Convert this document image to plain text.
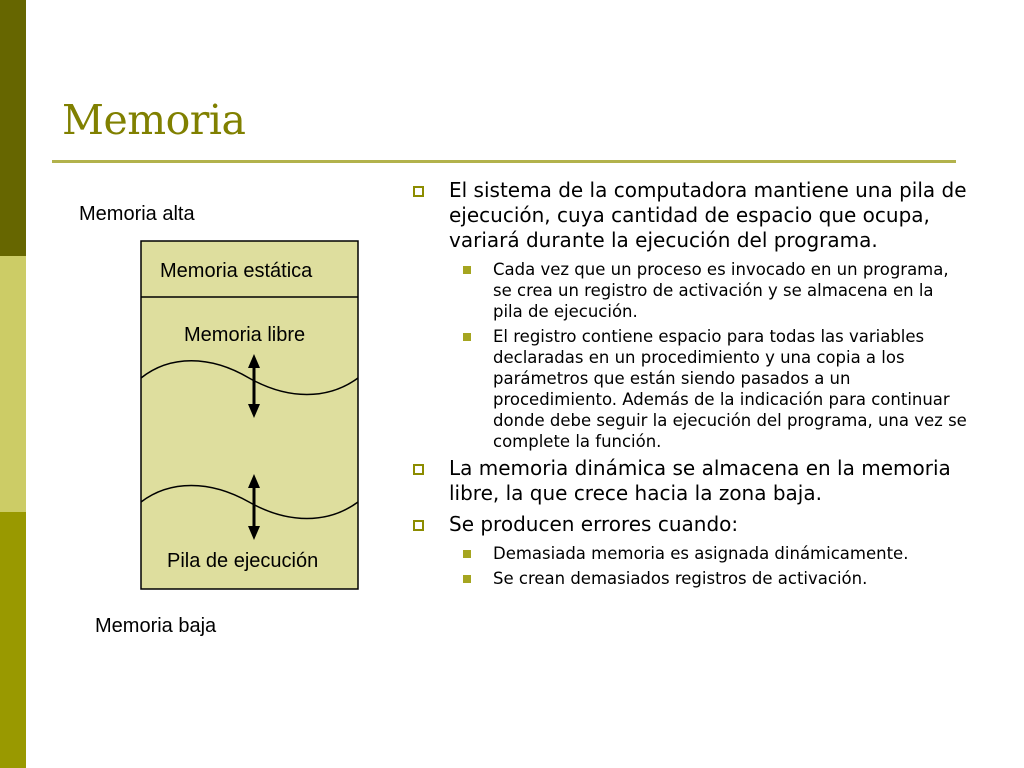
Memoria
Memoria alta
Memoria estática
Memoria libre
Pila de ejecución
Memoria baja
El sistema de la computadora mantiene una pila de ejecución, cuya cantidad de espacio que ocupa, variará durante la ejecución del programa.
Cada vez que un proceso es invocado en un programa, se crea un registro de activación y se almacena en la pila de ejecución.
El registro contiene espacio para todas las variables declaradas en un procedimiento y una copia a los parámetros que están siendo pasados a un procedimiento. Además de la indicación para continuar donde debe seguir la ejecución del programa, una vez se complete la función.
La memoria dinámica se almacena en la memoria libre, la que crece hacia la zona baja.
Se producen errores cuando:
Demasiada memoria es asignada dinámicamente.
Se crean demasiados registros de activación.
